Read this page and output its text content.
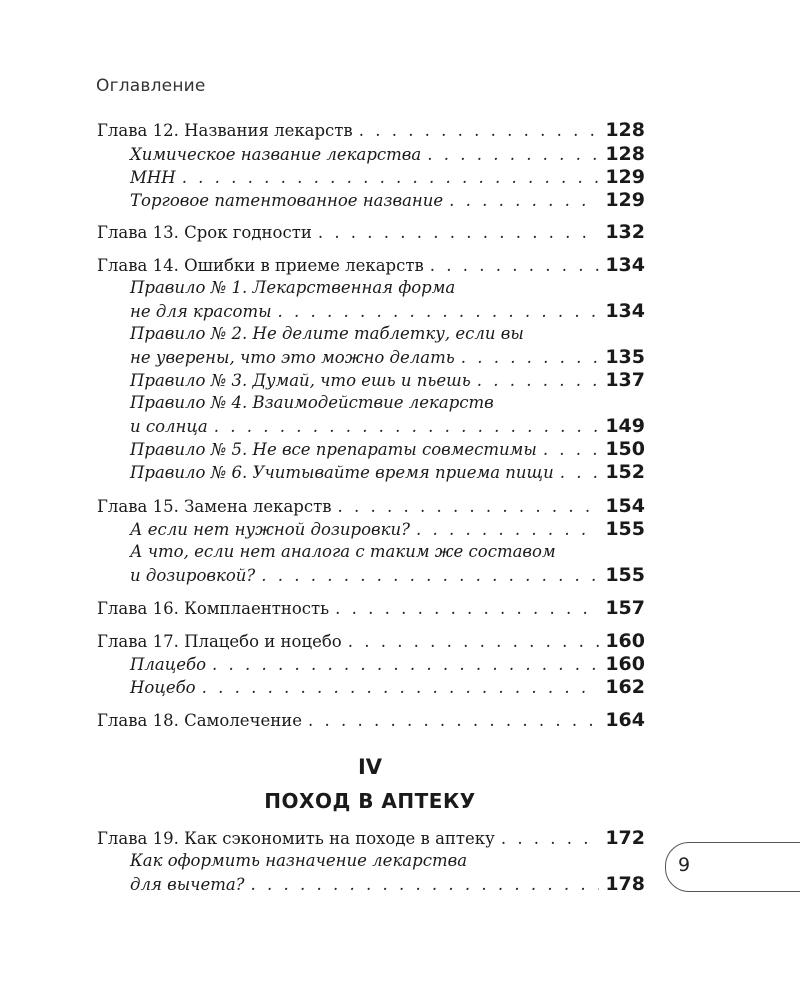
Оглавление
Глава 12. Названия лекарств . . .	128
Химическое название лекарства . . .	128
МНН . . .	129
Торговое патентованное название . . .	129
Глава 13. Срок годности . . .	132
Глава 14. Ошибки в приеме лекарств . . .	134
Правило № 1. Лекарственная форма
не для красоты . . .	134
Правило № 2. Не делите таблетку, если вы
не уверены, что это можно делать . . .	135
Правило № 3. Думай, что ешь и пьешь . . .	137
Правило № 4. Взаимодействие лекарств
и солнца . . .	149
Правило № 5. Не все препараты совместимы . . .	150
Правило № 6. Учитывайте время приема пищи . . .	152
Глава 15. Замена лекарств . . .	154
А если нет нужной дозировки? . . .	155
А что, если нет аналога с таким же составом
и дозировкой? . . .	155
Глава 16. Комплаентность . . .	157
Глава 17. Плацебо и ноцебо . . .	160
Плацебо . . .	160
Ноцебо . . .	162
Глава 18. Самолечение . . .	164
Глава 19. Как сэкономить на походе в аптеку . . .	172
Как оформить назначение лекарства
для вычета? . . .	178
IV
ПОХОД В АПТЕКУ
9
